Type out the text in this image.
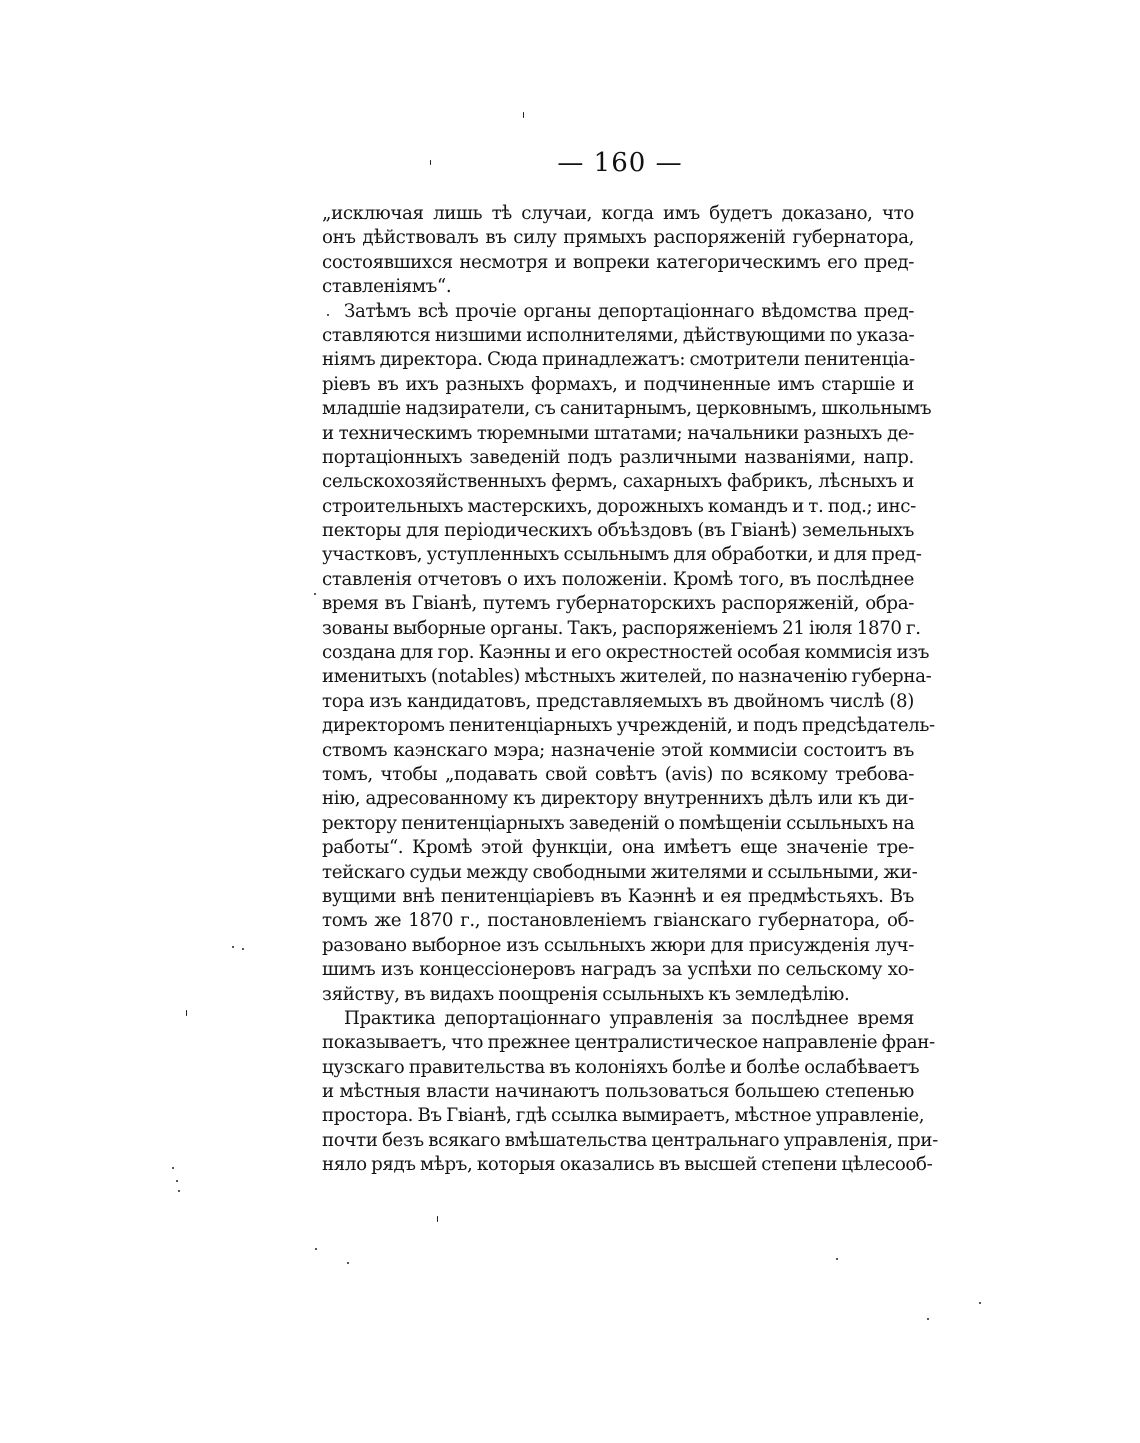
— 160 —
„исключая лишь тѣ случаи, когда имъ будетъ доказано, что
онъ дѣйствовалъ въ силу прямыхъ распоряженій губернатора,
состоявшихся несмотря и вопреки категорическимъ его пред-
ставленіямъ“.
Затѣмъ всѣ прочіе органы депортаціоннаго вѣдомства пред-
ставляются низшими исполнителями, дѣйствующими по указа-
ніямъ директора. Сюда принадлежатъ: смотрители пенитенціа-
ріевъ въ ихъ разныхъ формахъ, и подчиненные имъ старшіе и
младшіе надзиратели, съ санитарнымъ, церковнымъ, школьнымъ
и техническимъ тюремными штатами; начальники разныхъ де-
портаціонныхъ заведеній подъ различными названіями, напр.
сельскохозяйственныхъ фермъ, сахарныхъ фабрикъ, лѣсныхъ и
строительныхъ мастерскихъ, дорожныхъ командъ и т. под.; инс-
пекторы для періодическихъ объѣздовъ (въ Гвіанѣ) земельныхъ
участковъ, уступленныхъ ссыльнымъ для обработки, и для пред-
ставленія отчетовъ о ихъ положеніи. Кромѣ того, въ послѣднее
время въ Гвіанѣ, путемъ губернаторскихъ распоряженій, обра-
зованы выборные органы. Такъ, распоряженіемъ 21 іюля 1870 г.
создана для гор. Каэнны и его окрестностей особая коммисія изъ
именитыхъ (notables) мѣстныхъ жителей, по назначенію губерна-
тора изъ кандидатовъ, представляемыхъ въ двойномъ числѣ (8)
директоромъ пенитенціарныхъ учрежденій, и подъ предсѣдатель-
ствомъ каэнскаго мэра; назначеніе этой коммисіи состоитъ въ
томъ, чтобы „подавать свой совѣтъ (avis) по всякому требова-
нію, адресованному къ директору внутреннихъ дѣлъ или къ ди-
ректору пенитенціарныхъ заведеній о помѣщеніи ссыльныхъ на
работы“. Кромѣ этой функціи, она имѣетъ еще значеніе тре-
тейскаго судьи между свободными жителями и ссыльными, жи-
вущими внѣ пенитенціаріевъ въ Каэннѣ и ея предмѣстьяхъ. Въ
томъ же 1870 г., постановленіемъ гвіанскаго губернатора, об-
разовано выборное изъ ссыльныхъ жюри для присужденія луч-
шимъ изъ концессіонеровъ наградъ за успѣхи по сельскому хо-
зяйству, въ видахъ поощренія ссыльныхъ къ земледѣлію.
Практика депортаціоннаго управленія за послѣднее время
показываетъ, что прежнее централистическое направленіе фран-
цузскаго правительства въ колоніяхъ болѣе и болѣе ослабѣваетъ
и мѣстныя власти начинаютъ пользоваться большею степенью
простора. Въ Гвіанѣ, гдѣ ссылка вымираетъ, мѣстное управленіе,
почти безъ всякаго вмѣшательства центральнаго управленія, при-
няло рядъ мѣръ, которыя оказались въ высшей степени цѣлесооб-
